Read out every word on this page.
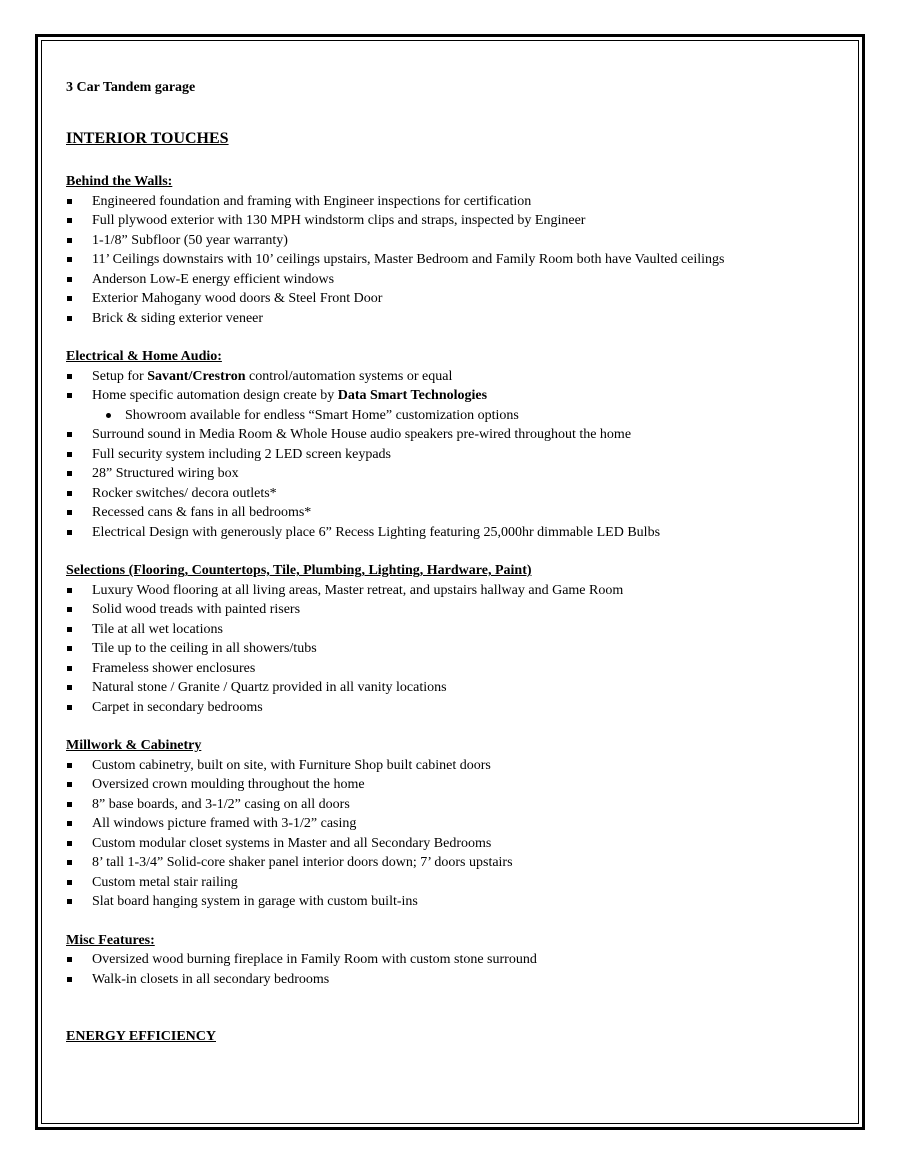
3 Car Tandem garage

INTERIOR TOUCHES

Behind the Walls:

Engineered foundation and framing with Engineer inspections for certification
Full plywood exterior with 130 MPH windstorm clips and straps, inspected by Engineer
1-1/8” Subfloor (50 year warranty)
11’ Ceilings downstairs with 10’ ceilings upstairs, Master Bedroom and Family Room both have Vaulted ceilings
Anderson Low-E energy efficient windows
Exterior Mahogany wood doors & Steel Front Door
Brick & siding exterior veneer

Electrical & Home Audio:

Setup for Savant/Crestron control/automation systems or equal
Home specific automation design create by Data Smart Technologies
Showroom available for endless “Smart Home” customization options
Surround sound in Media Room & Whole House audio speakers pre-wired throughout the home
Full security system including 2 LED screen keypads
28” Structured wiring box
Rocker switches/ decora outlets*
Recessed cans & fans in all bedrooms*
Electrical Design with generously place 6” Recess Lighting featuring 25,000hr dimmable LED Bulbs

Selections (Flooring, Countertops, Tile, Plumbing, Lighting, Hardware, Paint)

Luxury Wood flooring at all living areas, Master retreat, and upstairs hallway and Game Room
Solid wood treads with painted risers
Tile at all wet locations
Tile up to the ceiling in all showers/tubs
Frameless shower enclosures
Natural stone / Granite / Quartz provided in all vanity locations
Carpet in secondary bedrooms

Millwork & Cabinetry

Custom cabinetry, built on site, with Furniture Shop built cabinet doors
Oversized crown moulding throughout the home
8” base boards, and 3-1/2” casing on all doors
All windows picture framed with 3-1/2” casing
Custom modular closet systems in Master and all Secondary Bedrooms
8’ tall 1-3/4” Solid-core shaker panel interior doors down; 7’ doors upstairs
Custom metal stair railing
Slat board hanging system in garage with custom built-ins

Misc Features:

Oversized wood burning fireplace in Family Room with custom stone surround
Walk-in closets in all secondary bedrooms

ENERGY EFFICIENCY
